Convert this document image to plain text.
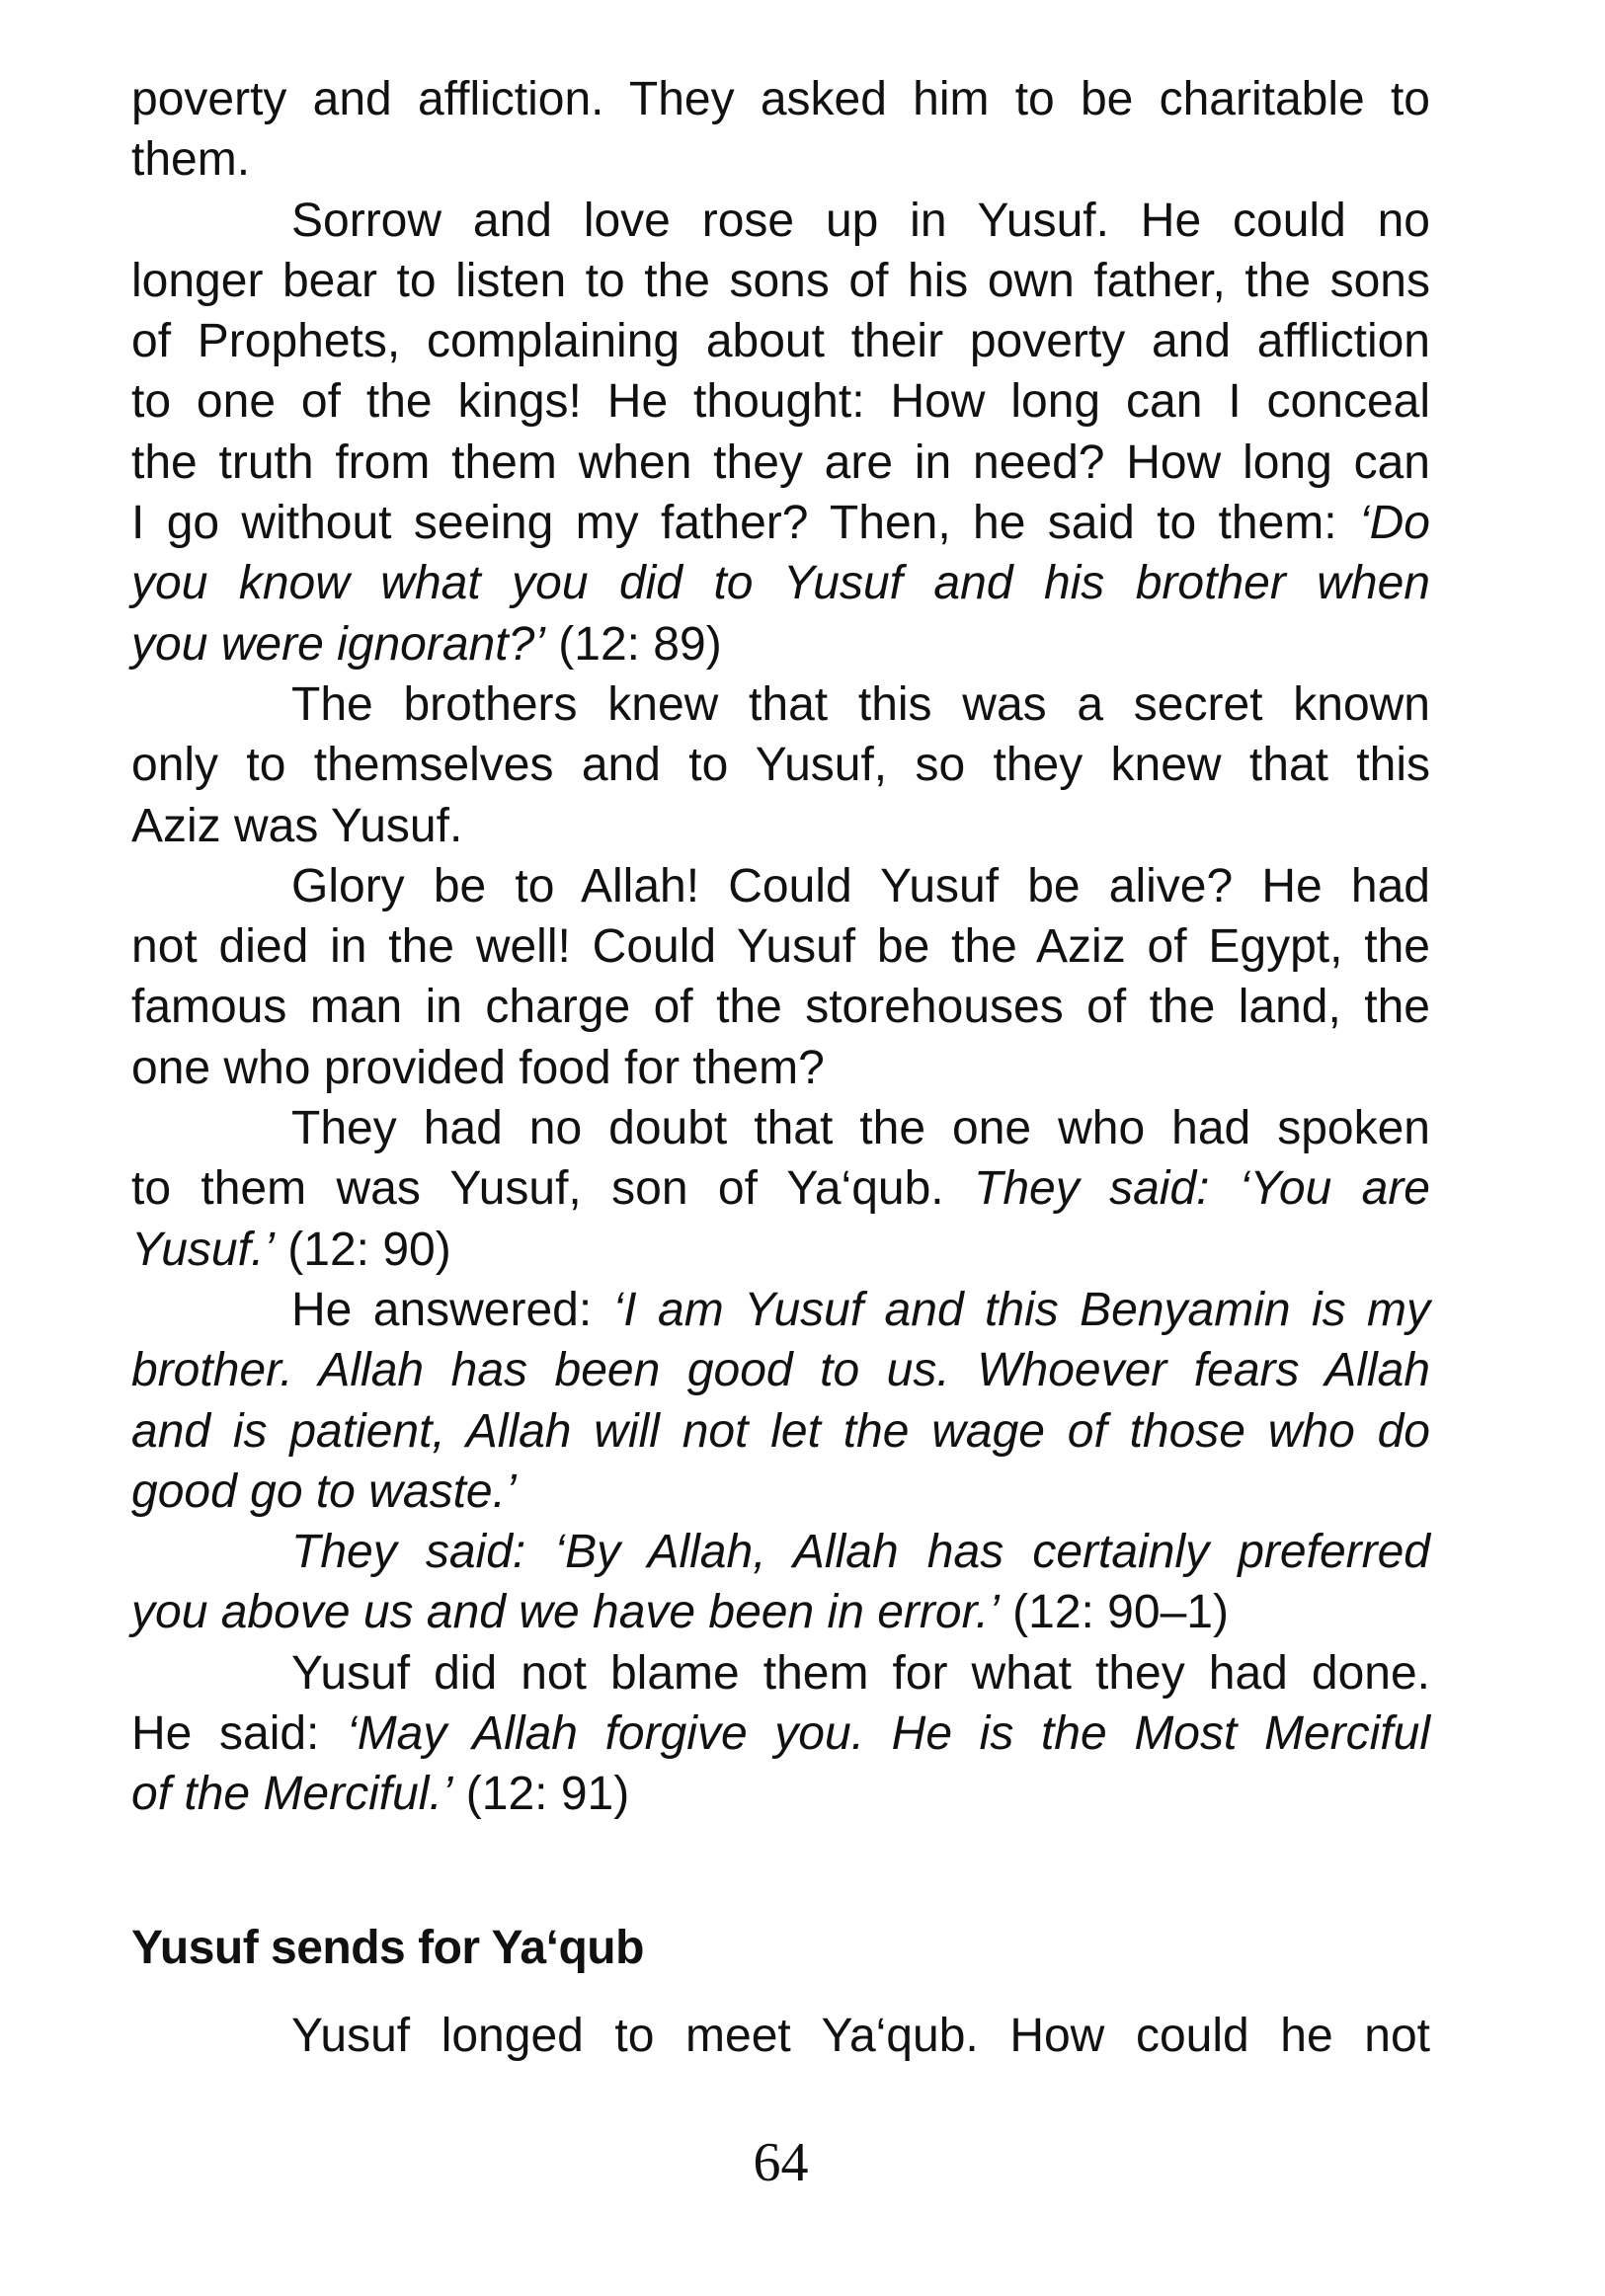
poverty and affliction. They asked him to be charitable to
them.
Sorrow and love rose up in Yusuf. He could no
longer bear to listen to the sons of his own father, the sons
of Prophets, complaining about their poverty and affliction
to one of the kings! He thought: How long can I conceal
the truth from them when they are in need? How long can
I go without seeing my father? Then, he said to them: ‘Do
you know what you did to Yusuf and his brother when
you were ignorant?’ (12: 89)
The brothers knew that this was a secret known
only to themselves and to Yusuf, so they knew that this
Aziz was Yusuf.
Glory be to Allah! Could Yusuf be alive? He had
not died in the well! Could Yusuf be the Aziz of Egypt, the
famous man in charge of the storehouses of the land, the
one who provided food for them?
They had no doubt that the one who had spoken
to them was Yusuf, son of Ya‘qub. They said: ‘You are
Yusuf.’ (12: 90)
He answered: ‘I am Yusuf and this Benyamin is my
brother. Allah has been good to us. Whoever fears Allah
and is patient, Allah will not let the wage of those who do
good go to waste.’
They said: ‘By Allah, Allah has certainly preferred
you above us and we have been in error.’ (12: 90–1)
Yusuf did not blame them for what they had done.
He said: ‘May Allah forgive you. He is the Most Merciful
of the Merciful.’ (12: 91)
Yusuf sends for Ya‘qub
Yusuf longed to meet Ya‘qub. How could he not
64
